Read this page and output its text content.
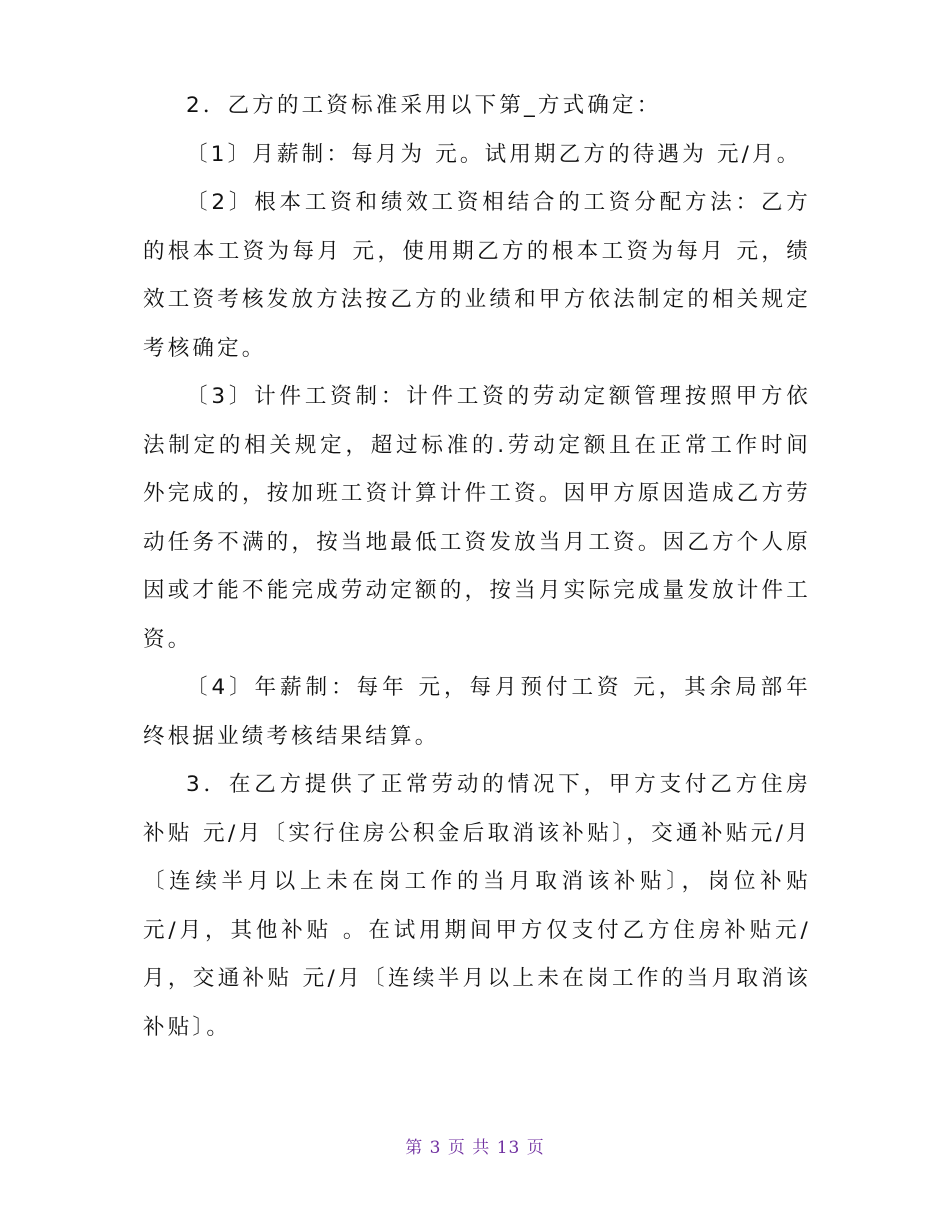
2．乙方的工资标准采用以下第_方式确定：

〔1〕月薪制：每月为 元。试用期乙方的待遇为 元/月。

〔2〕根本工资和绩效工资相结合的工资分配方法：乙方的根本工资为每月 元，使用期乙方的根本工资为每月 元，绩效工资考核发放方法按乙方的业绩和甲方依法制定的相关规定考核确定。

〔3〕计件工资制：计件工资的劳动定额管理按照甲方依法制定的相关规定，超过标准的.劳动定额且在正常工作时间外完成的，按加班工资计算计件工资。因甲方原因造成乙方劳动任务不满的，按当地最低工资发放当月工资。因乙方个人原因或才能不能完成劳动定额的，按当月实际完成量发放计件工资。

〔4〕年薪制：每年 元，每月预付工资 元，其余局部年终根据业绩考核结果结算。

3．在乙方提供了正常劳动的情况下，甲方支付乙方住房补贴 元/月〔实行住房公积金后取消该补贴〕，交通补贴元/月〔连续半月以上未在岗工作的当月取消该补贴〕，岗位补贴 元/月，其他补贴 。在试用期间甲方仅支付乙方住房补贴元/月，交通补贴 元/月〔连续半月以上未在岗工作的当月取消该补贴〕。

第 3 页 共 13 页
